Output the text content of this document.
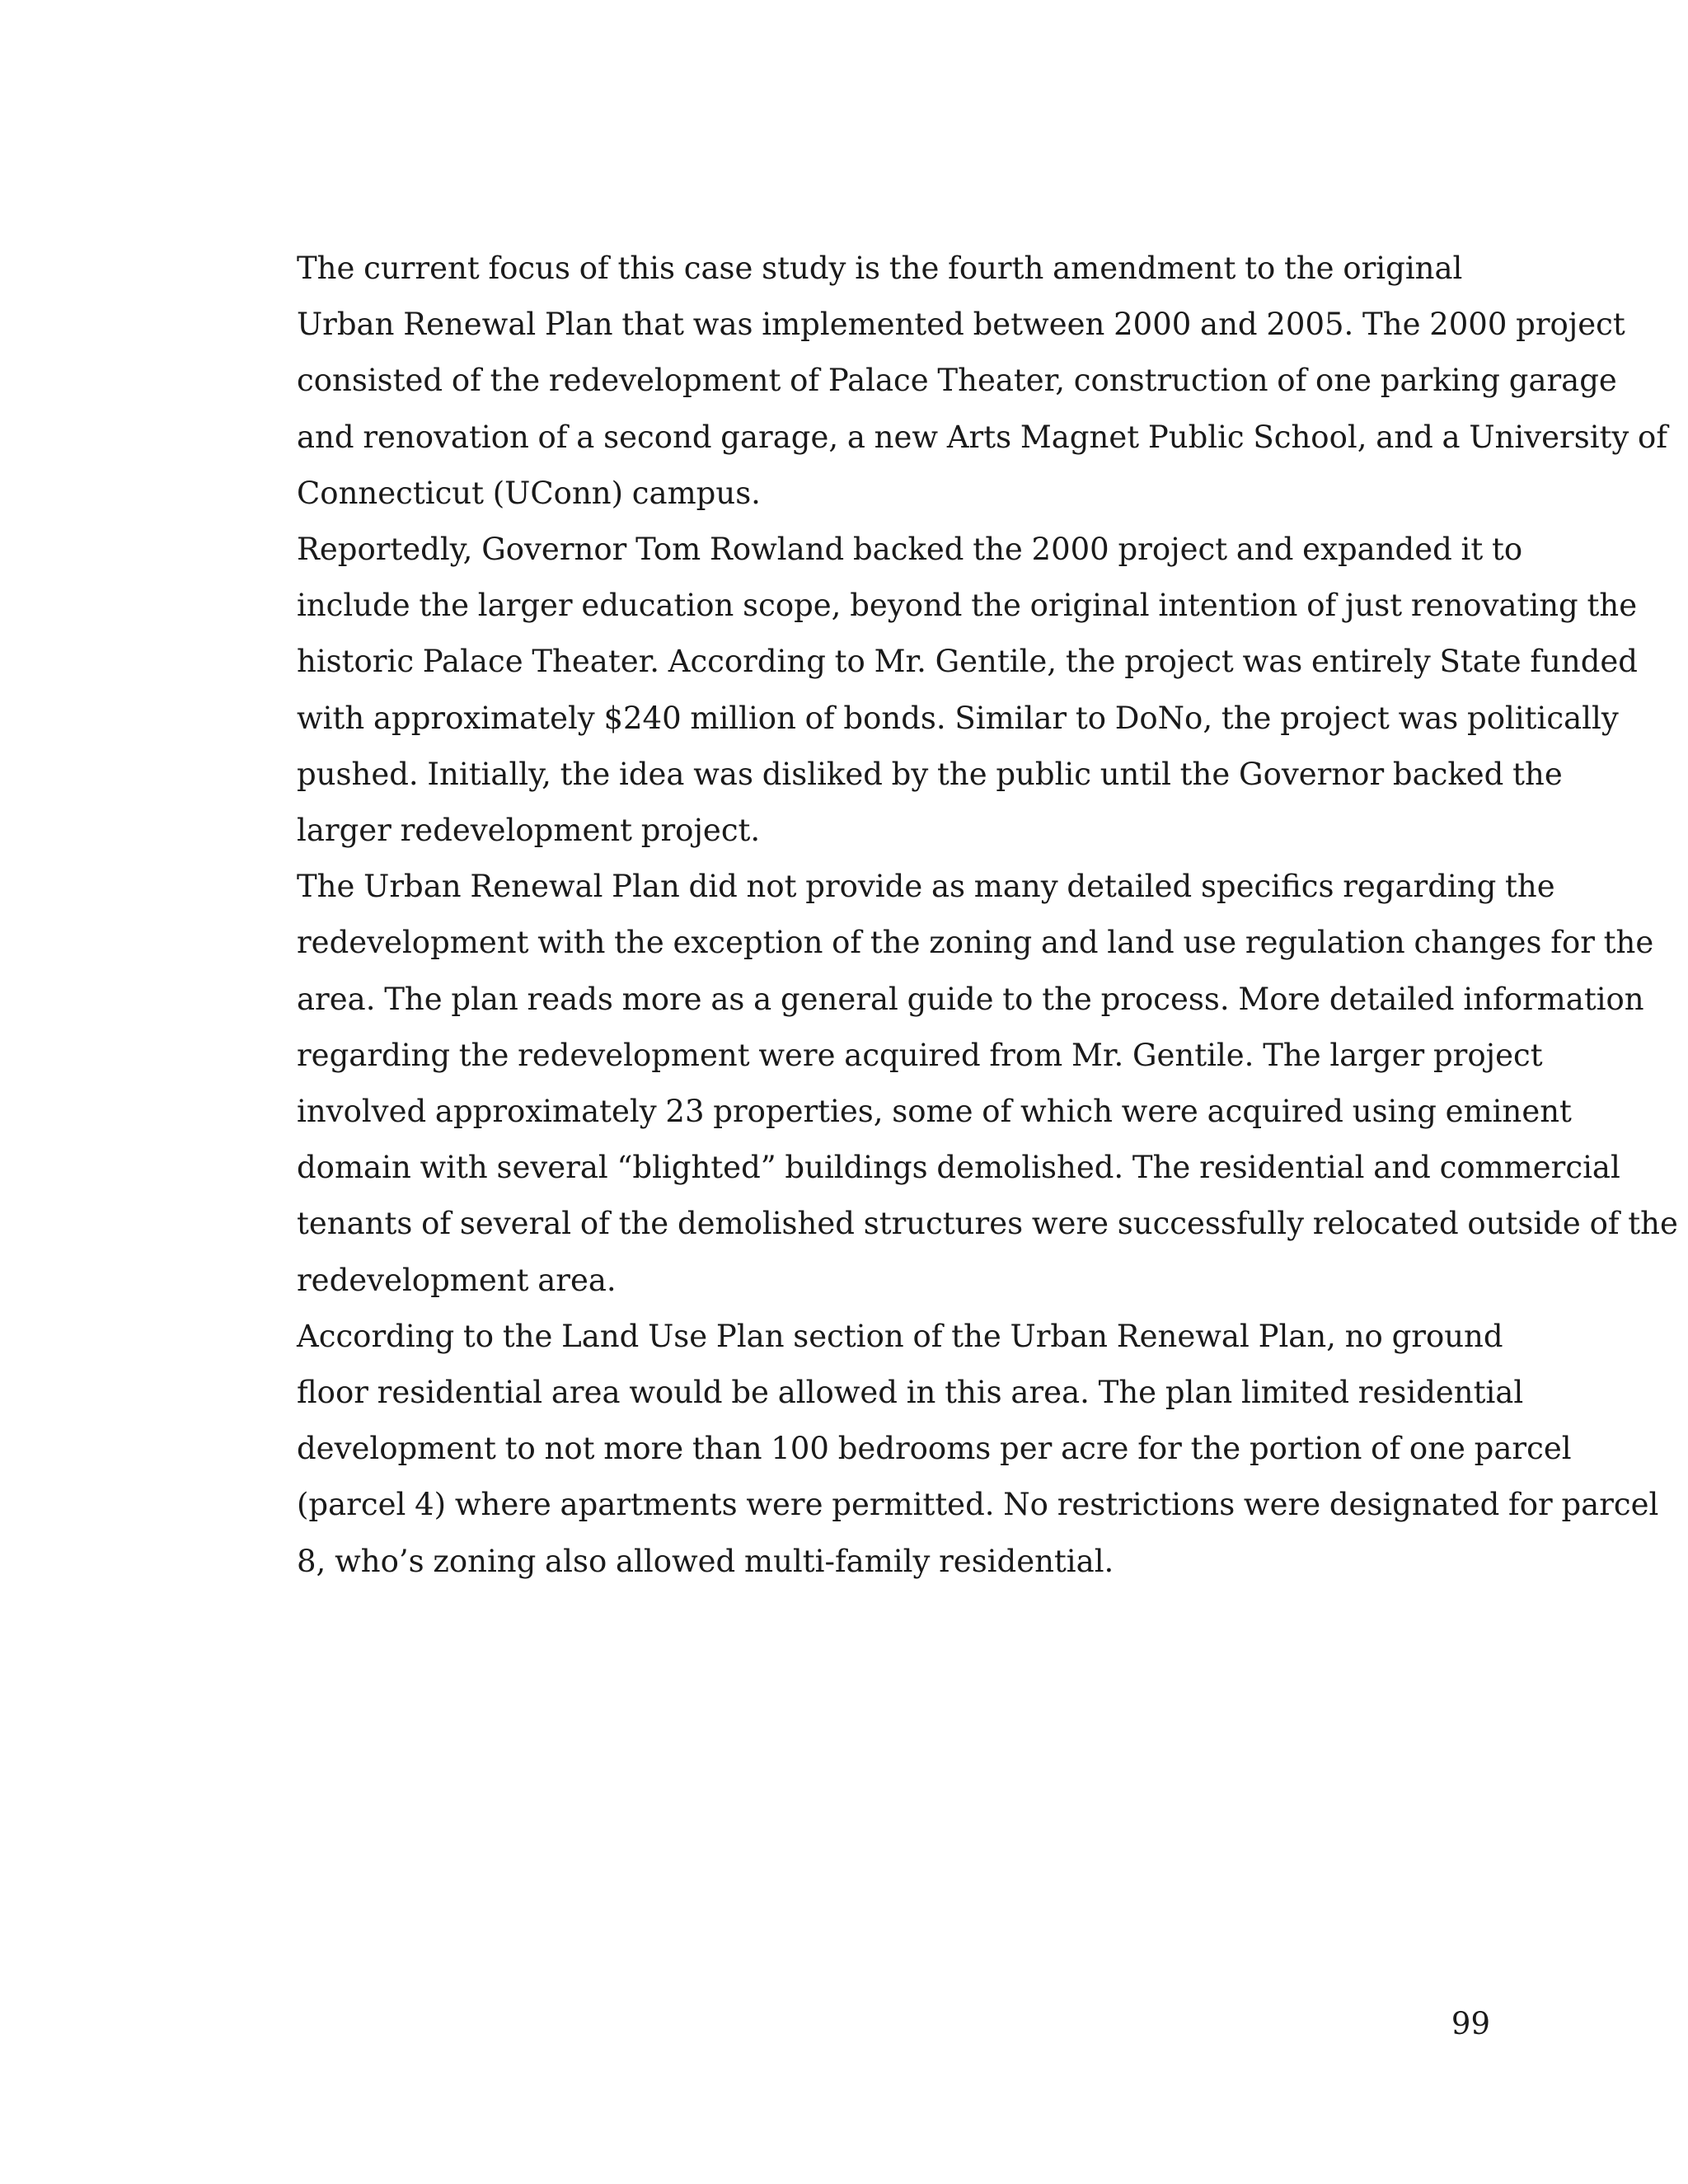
The current focus of this case study is the fourth amendment to the original
Urban Renewal Plan that was implemented between 2000 and 2005. The 2000 project
consisted of the redevelopment of Palace Theater, construction of one parking garage
and renovation of a second garage, a new Arts Magnet Public School, and a University of
Connecticut (UConn) campus.

Reportedly, Governor Tom Rowland backed the 2000 project and expanded it to
include the larger education scope, beyond the original intention of just renovating the
historic Palace Theater. According to Mr. Gentile, the project was entirely State funded
with approximately $240 million of bonds. Similar to DoNo, the project was politically
pushed. Initially, the idea was disliked by the public until the Governor backed the
larger redevelopment project.

The Urban Renewal Plan did not provide as many detailed specifics regarding the
redevelopment with the exception of the zoning and land use regulation changes for the
area. The plan reads more as a general guide to the process. More detailed information
regarding the redevelopment were acquired from Mr. Gentile. The larger project
involved approximately 23 properties, some of which were acquired using eminent
domain with several “blighted” buildings demolished. The residential and commercial
tenants of several of the demolished structures were successfully relocated outside of the
redevelopment area.

According to the Land Use Plan section of the Urban Renewal Plan, no ground
floor residential area would be allowed in this area. The plan limited residential
development to not more than 100 bedrooms per acre for the portion of one parcel
(parcel 4) where apartments were permitted. No restrictions were designated for parcel
8, who’s zoning also allowed multi-family residential.

99
